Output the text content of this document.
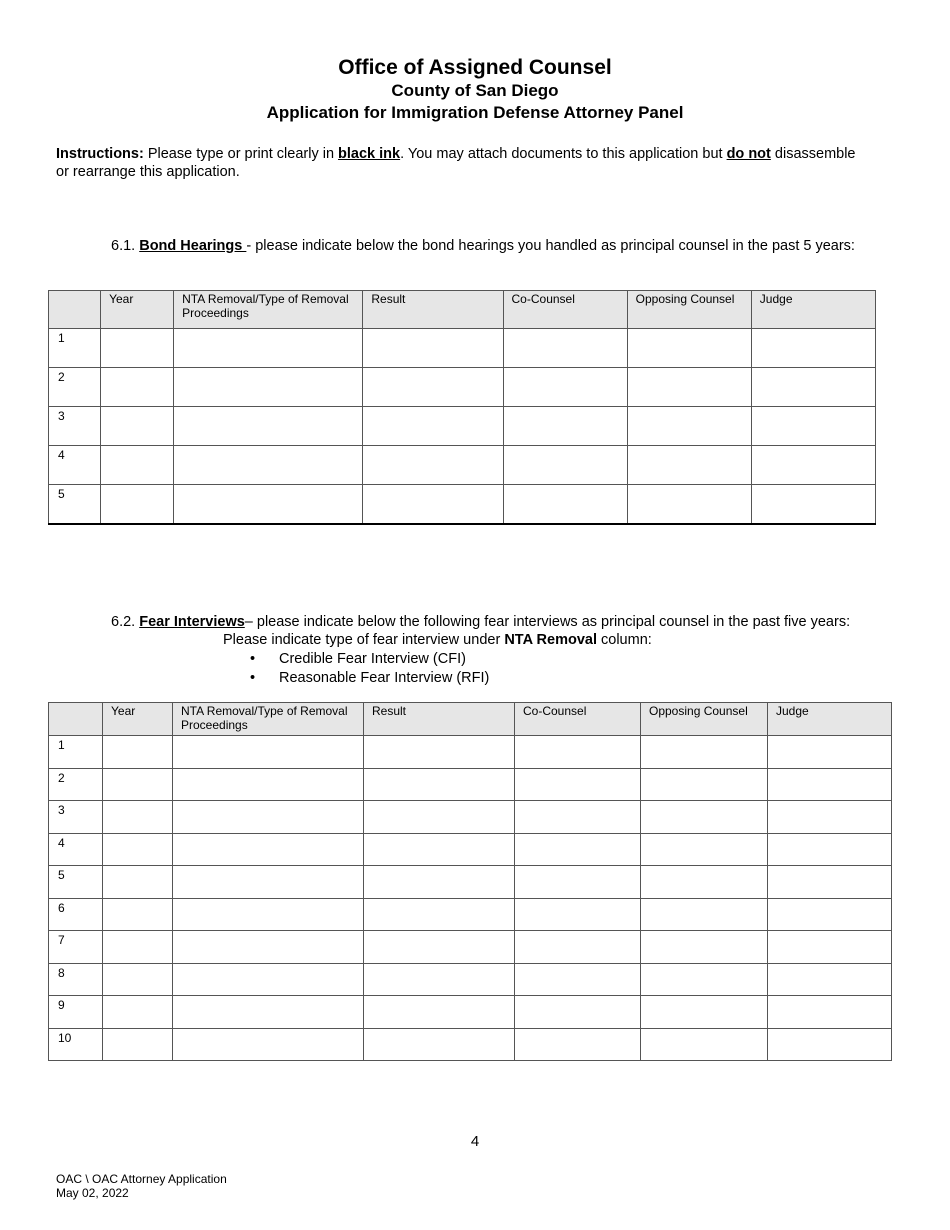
Office of Assigned Counsel
County of San Diego
Application for Immigration Defense Attorney Panel
Instructions: Please type or print clearly in black ink. You may attach documents to this application but do not disassemble or rearrange this application.
6.1. Bond Hearings - please indicate below the bond hearings you handled as principal counsel in the past 5 years:

	Year	NTA Removal/Type of Removal Proceedings	Result	Co-Counsel	Opposing Counsel	Judge

1						

2						

3						

4						

5						

6.2. Fear Interviews– please indicate below the following fear interviews as principal counsel in the past five years:
Please indicate type of fear interview under NTA Removal column:
• Credible Fear Interview (CFI)
• Reasonable Fear Interview (RFI)

	Year	NTA Removal/Type of Removal Proceedings	Result	Co-Counsel	Opposing Counsel	Judge

1						

2						

3						

4						

5						

6						

7						

8						

9						

10						

4
OAC \ OAC Attorney Application
May 02, 2022
